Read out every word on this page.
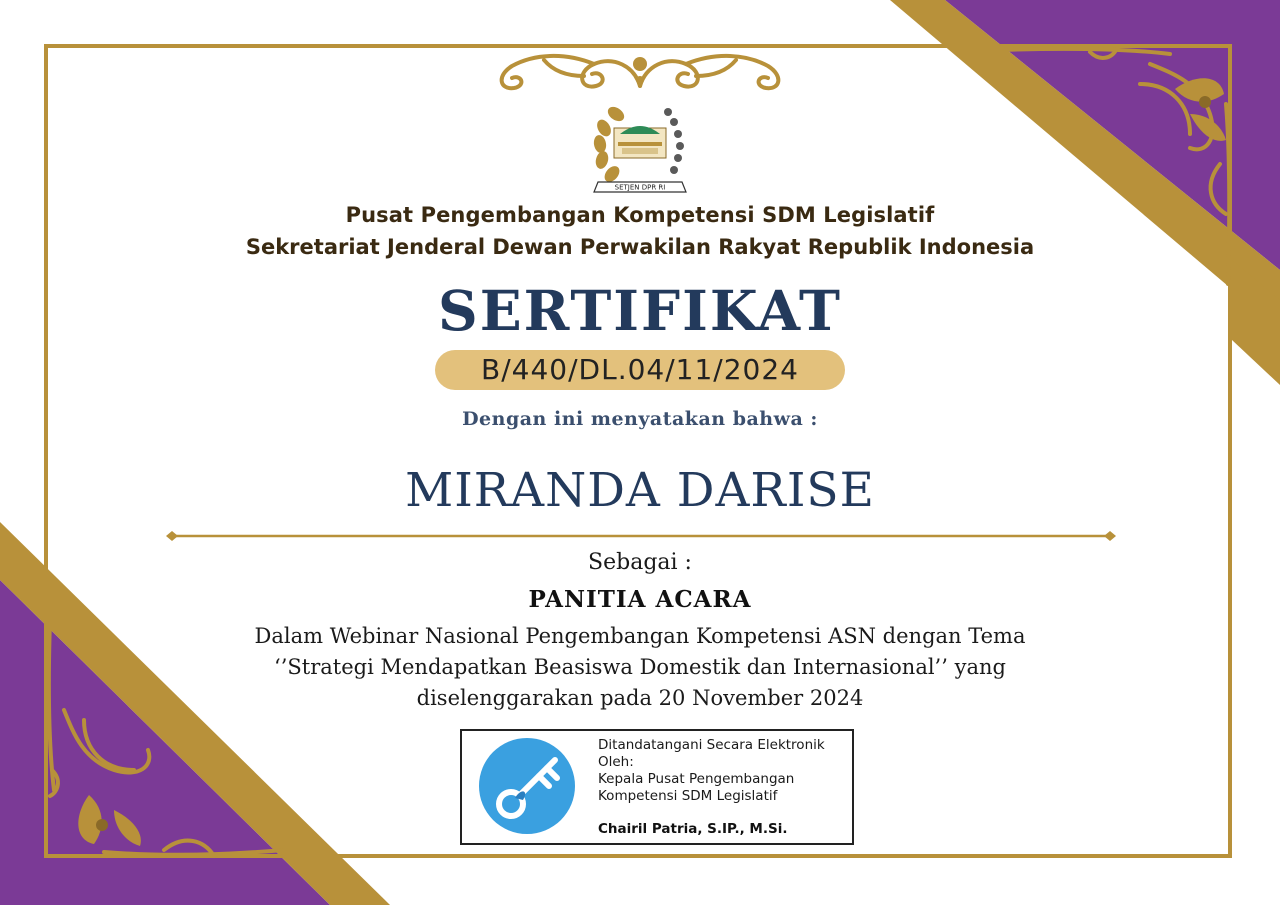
SETJEN DPR RI
Pusat Pengembangan Kompetensi SDM Legislatif
Sekretariat Jenderal Dewan Perwakilan Rakyat Republik Indonesia
SERTIFIKAT
B/440/DL.04/11/2024
Dengan ini menyatakan bahwa :
MIRANDA DARISE
Sebagai :
PANITIA ACARA
Dalam Webinar Nasional Pengembangan Kompetensi ASN dengan Tema
‘’Strategi Mendapatkan Beasiswa Domestik dan Internasional’’ yang
diselenggarakan pada 20 November 2024
Ditandatangani Secara Elektronik Oleh:
Kepala Pusat Pengembangan
Kompetensi SDM Legislatif
Chairil Patria, S.IP., M.Si.
